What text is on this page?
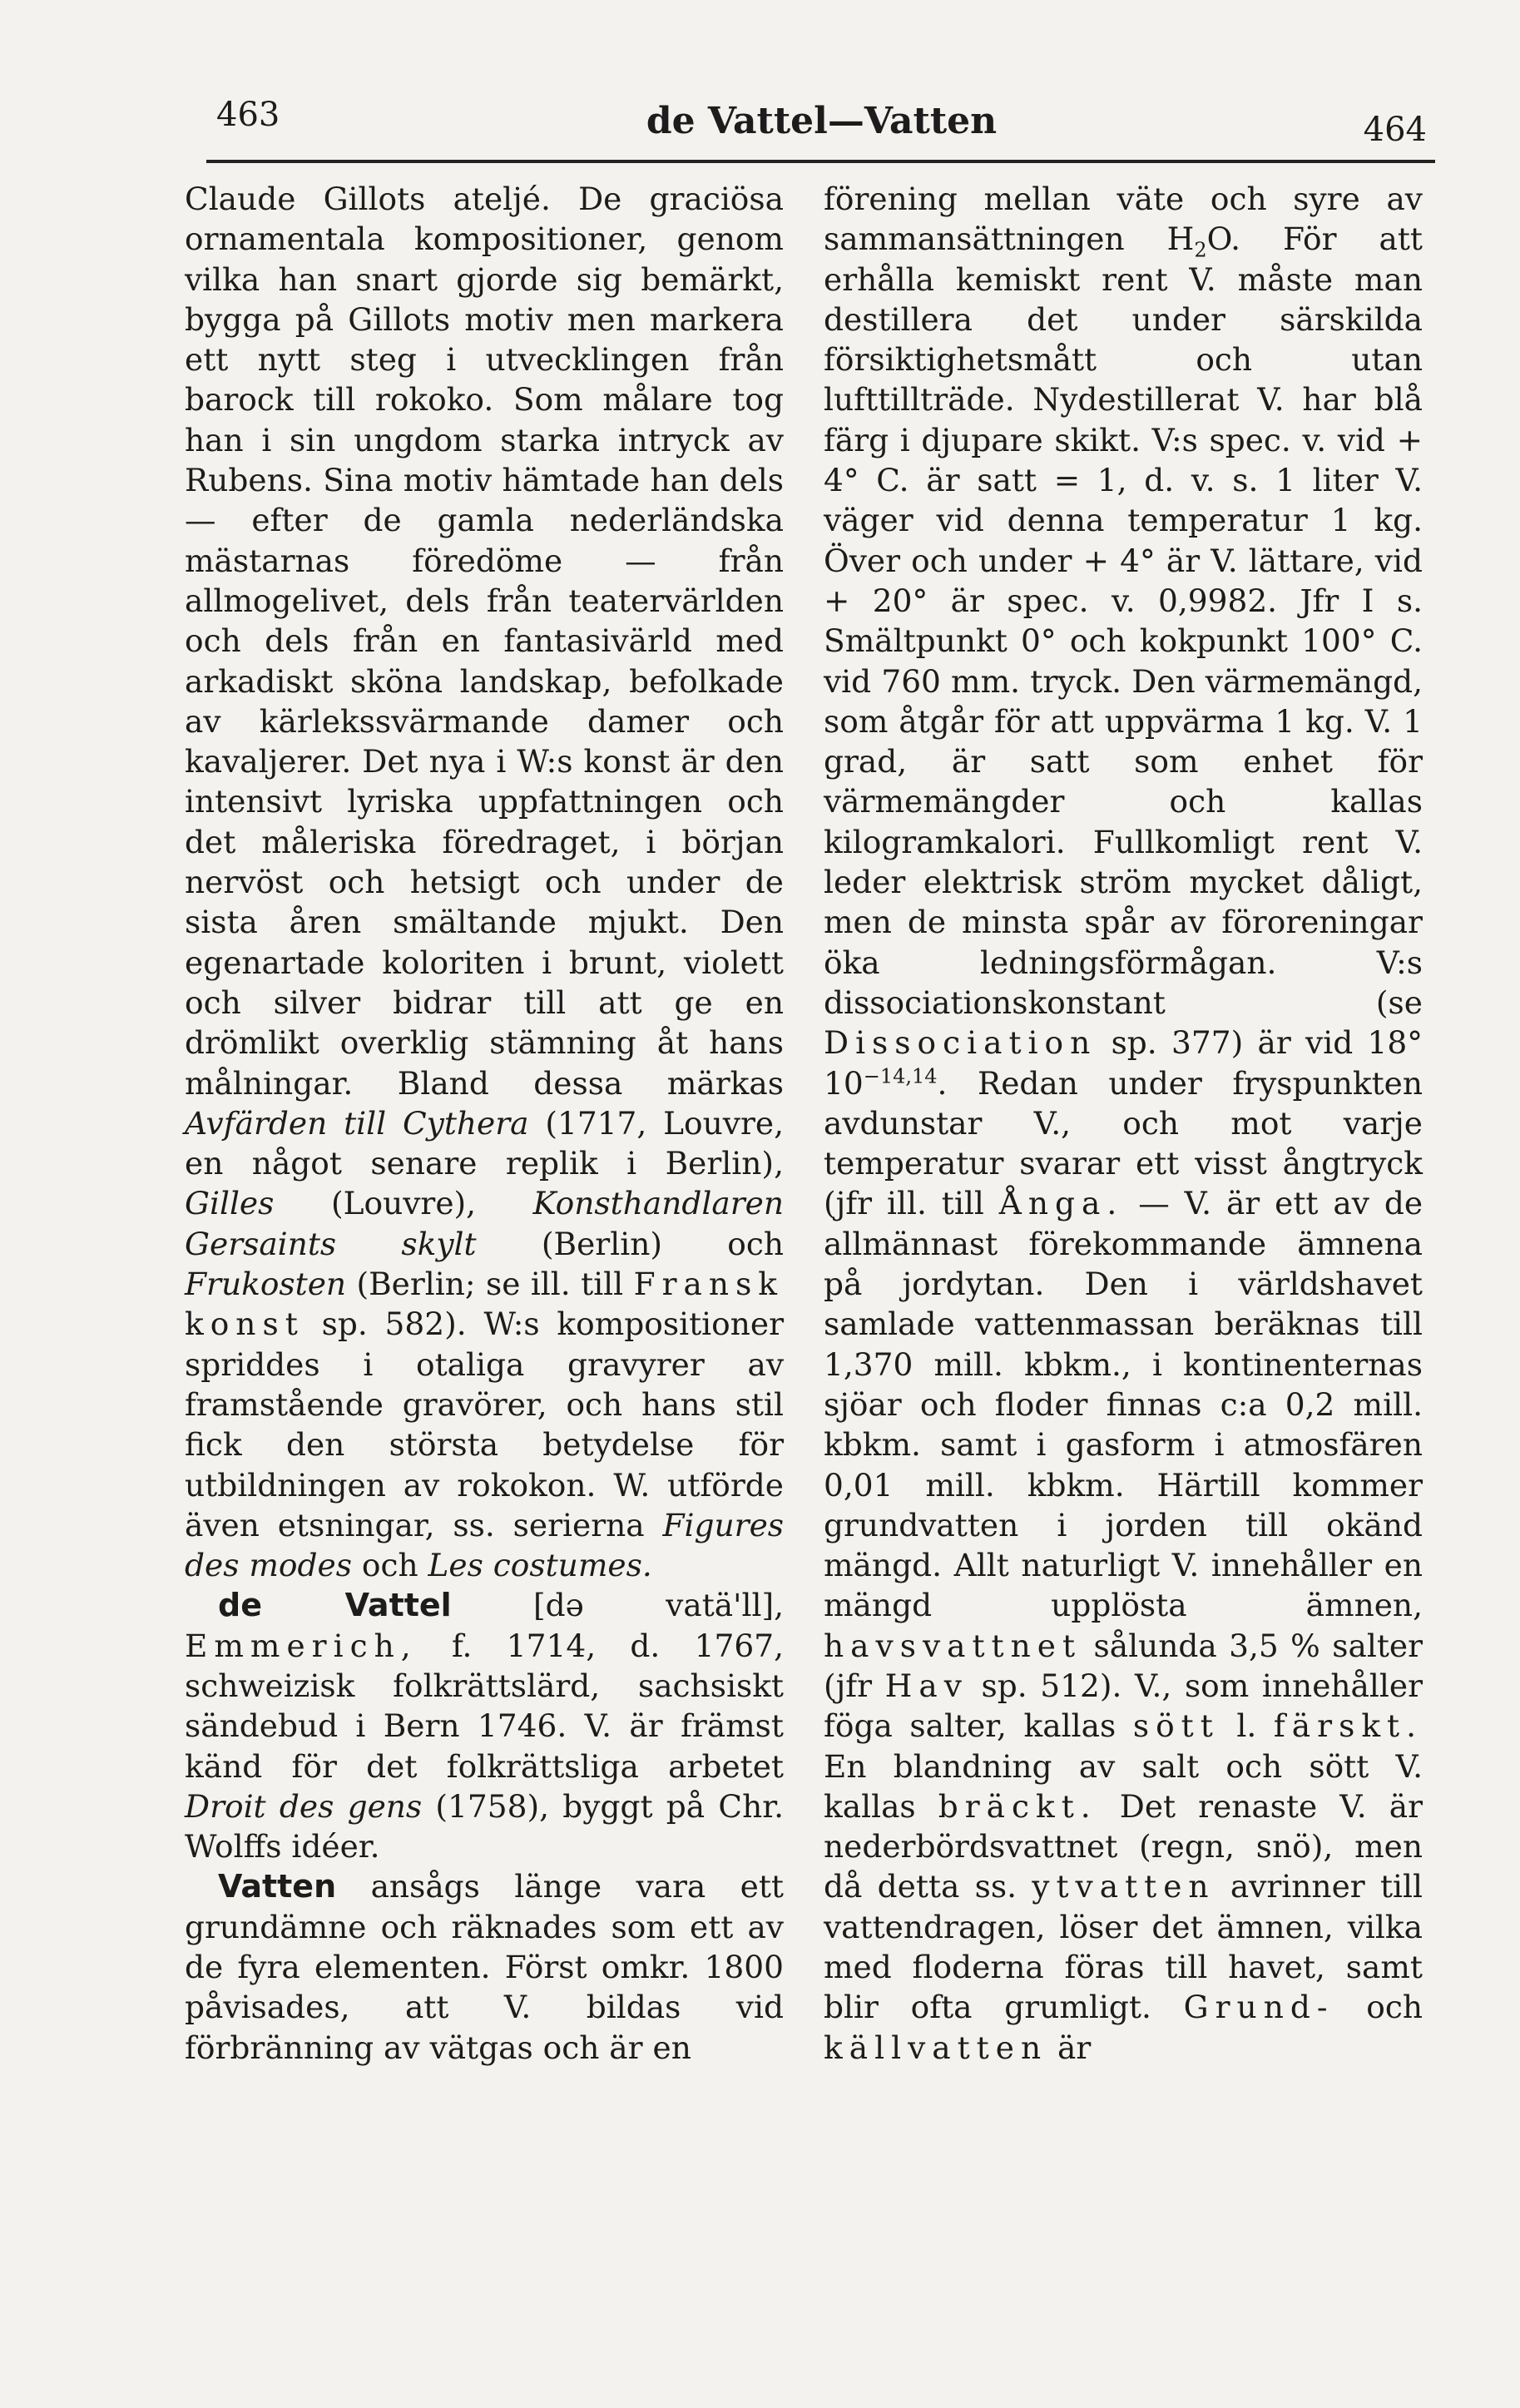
463	de Vattel—Vatten	464

Claude Gillots ateljé. De graciösa ornamentala kompositioner, genom vilka han snart gjorde sig bemärkt, bygga på Gillots motiv men markera ett nytt steg i utvecklingen från barock till rokoko. Som målare tog han i sin ungdom starka intryck av Rubens. Sina motiv hämtade han dels — efter de gamla nederländska mästarnas föredöme — från allmogelivet, dels från teatervärlden och dels från en fantasivärld med arkadiskt sköna landskap, befolkade av kärlekssvärmande damer och kavaljerer. Det nya i W:s konst är den intensivt lyriska uppfattningen och det måleriska föredraget, i början nervöst och hetsigt och under de sista åren smältande mjukt. Den egenartade koloriten i brunt, violett och silver bidrar till att ge en drömlikt overklig stämning åt hans målningar. Bland dessa märkas Avfärden till Cythera (1717, Louvre, en något senare replik i Berlin), Gilles (Louvre), Konsthandlaren Gersaints skylt (Berlin) och Frukosten (Berlin; se ill. till Fransk konst sp. 582). W:s kompositioner spriddes i otaliga gravyrer av framstående gravörer, och hans stil fick den största betydelse för utbildningen av rokokon. W. utförde även etsningar, ss. serierna Figures des modes och Les costumes.

de Vattel	[də vatä'll], Emmerich, f. 1714, d. 1767, schweizisk folkrättslärd, sachsiskt sändebud i Bern 1746. V. är främst känd för det folkrättsliga arbetet Droit des gens (1758), byggt på Chr. Wolffs idéer.

Vatten ansågs länge vara ett grundämne och räknades som ett av de fyra elementen. Först omkr. 1800 påvisades, att V. bildas vid förbränning av vätgas och är en

förening mellan väte och syre av sammansättningen $H_2O$. För att erhålla kemiskt rent V. måste man destillera det under särskilda försiktighetsmått och utan lufttillträde. Nydestillerat V. har blå färg i djupare skikt. V:s spec. v. vid + 4° C. är satt = 1, d. v. s. 1 liter V. väger vid denna temperatur 1 kg. Över och under + 4° är V. lättare, vid + 20° är spec. v. 0,9982. Jfr I s. Smältpunkt 0° och kokpunkt 100° C. vid 760 mm. tryck. Den värmemängd, som åtgår för att uppvärma 1 kg. V. 1 grad, är satt som enhet för värmemängder och kallas kilogramkalori. Fullkomligt rent V. leder elektrisk ström mycket dåligt, men de minsta spår av föroreningar öka ledningsförmågan. V:s dissociationskonstant (se Dissociation sp. 377) är vid 18° $10^{-14,14}$. Redan under fryspunkten avdunstar V., och mot varje temperatur svarar ett visst ångtryck (jfr ill. till Ånga. — V. är ett av de allmännast förekommande ämnena på jordytan. Den i världshavet samlade vattenmassan beräknas till 1,370 mill. kbkm., i kontinenternas sjöar och floder finnas c:a 0,2 mill. kbkm. samt i gasform i atmosfären 0,01 mill. kbkm. Härtill kommer grundvatten i jorden till okänd mängd. Allt naturligt V. innehåller en mängd upplösta ämnen, havsvattnet sålunda 3,5 % salter (jfr Hav sp. 512). V., som innehåller föga salter, kallas sött l. färskt. En blandning av salt och sött V. kallas bräckt. Det renaste V. är nederbördsvattnet (regn, snö), men då detta ss. ytvatten avrinner till vattendragen, löser det ämnen, vilka med floderna föras till havet, samt blir ofta grumligt. Grund- och källvatten är
